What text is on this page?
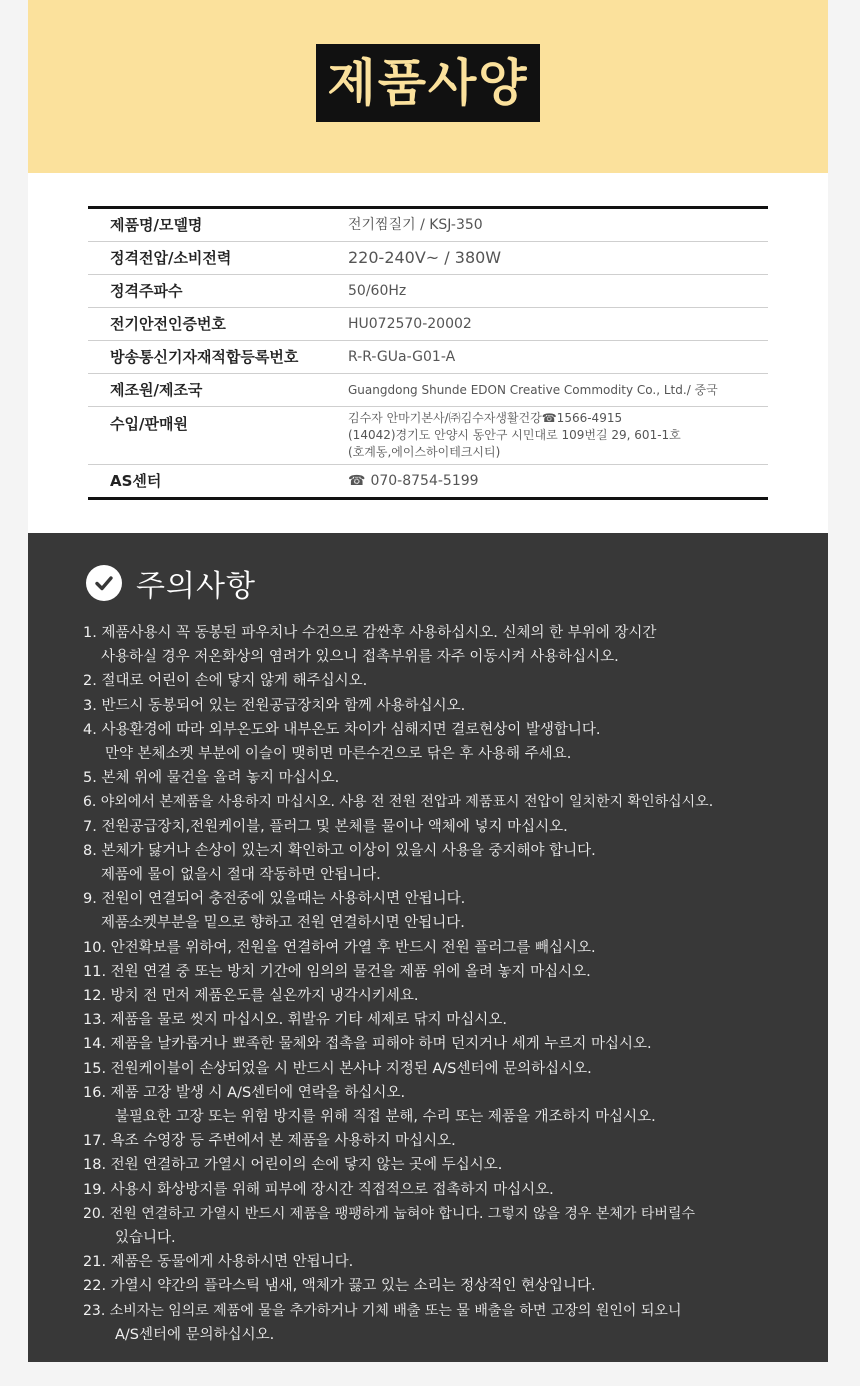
제품사양
제품명/모델명	전기찜질기 / KSJ-350
정격전압/소비전력	220-240V~ / 380W
정격주파수	50/60Hz
전기안전인증번호	HU072570-20002
방송통신기자재적합등록번호	R-R-GUa-G01-A
제조원/제조국	Guangdong Shunde EDON Creative Commodity Co., Ltd./ 중국
수입/판매원	김수자 안마기본사/㈜김수자생활건강☎1566-4915
(14042)경기도 안양시 동안구 시민대로 109번길 29, 601-1호
(호계동,에이스하이테크시티)
AS센터	☎ 070-8754-5199
주의사항
1. 제품사용시 꼭 동봉된 파우치나 수건으로 감싼후 사용하십시오. 신체의 한 부위에 장시간
사용하실 경우 저온화상의 염려가 있으니 접촉부위를 자주 이동시켜 사용하십시오.
2. 절대로 어린이 손에 닿지 않게 해주십시오.
3. 반드시 동봉되어 있는 전원공급장치와 함께 사용하십시오.
4. 사용환경에 따라 외부온도와 내부온도 차이가 심해지면 결로현상이 발생합니다.
만약 본체소켓 부분에 이슬이 맺히면 마른수건으로 닦은 후 사용해 주세요.
5. 본체 위에 물건을 올려 놓지 마십시오.
6. 야외에서 본제품을 사용하지 마십시오. 사용 전 전원 전압과 제품표시 전압이 일치한지 확인하십시오.
7. 전원공급장치,전원케이블, 플러그 및 본체를 물이나 액체에 넣지 마십시오.
8. 본체가 닳거나 손상이 있는지 확인하고 이상이 있을시 사용을 중지해야 합니다.
제품에 물이 없을시 절대 작동하면 안됩니다.
9. 전원이 연결되어 충전중에 있을때는 사용하시면 안됩니다.
제품소켓부분을 밑으로 향하고 전원 연결하시면 안됩니다.
10. 안전확보를 위하여, 전원을 연결하여 가열 후 반드시 전원 플러그를 빼십시오.
11. 전원 연결 중 또는 방치 기간에 임의의 물건을 제품 위에 올려 놓지 마십시오.
12. 방치 전 먼저 제품온도를 실온까지 냉각시키세요.
13. 제품을 물로 씻지 마십시오. 휘발유 기타 세제로 닦지 마십시오.
14. 제품을 날카롭거나 뾰족한 물체와 접촉을 피해야 하며 던지거나 세게 누르지 마십시오.
15. 전원케이블이 손상되었을 시 반드시 본사나 지정된 A/S센터에 문의하십시오.
16. 제품 고장 발생 시 A/S센터에 연락을 하십시오.
불필요한 고장 또는 위험 방지를 위해 직접 분해, 수리 또는 제품을 개조하지 마십시오.
17. 욕조 수영장 등 주변에서 본 제품을 사용하지 마십시오.
18. 전원 연결하고 가열시 어린이의 손에 닿지 않는 곳에 두십시오.
19. 사용시 화상방지를 위해 피부에 장시간 직접적으로 접촉하지 마십시오.
20. 전원 연결하고 가열시 반드시 제품을 팽팽하게 눕혀야 합니다. 그렇지 않을 경우 본체가 타버릴수
있습니다.
21. 제품은 동물에게 사용하시면 안됩니다.
22. 가열시 약간의 플라스틱 냄새, 액체가 끓고 있는 소리는 정상적인 현상입니다.
23. 소비자는 임의로 제품에 물을 추가하거나 기체 배출 또는 물 배출을 하면 고장의 원인이 되오니
A/S센터에 문의하십시오.
